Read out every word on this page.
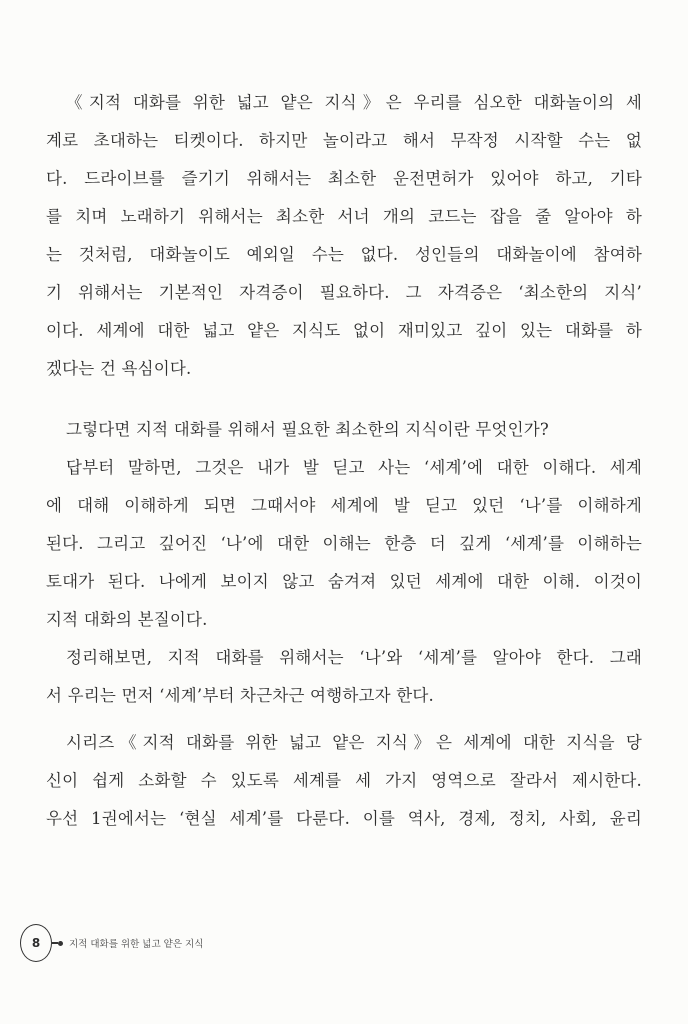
《지적 대화를 위한 넓고 얕은 지식》은 우리를 심오한 대화놀이의 세
계로 초대하는 티켓이다. 하지만 놀이라고 해서 무작정 시작할 수는 없
다. 드라이브를 즐기기 위해서는 최소한 운전면허가 있어야 하고, 기타
를 치며 노래하기 위해서는 최소한 서너 개의 코드는 잡을 줄 알아야 하
는 것처럼, 대화놀이도 예외일 수는 없다. 성인들의 대화놀이에 참여하
기 위해서는 기본적인 자격증이 필요하다. 그 자격증은 ‘최소한의 지식’
이다. 세계에 대한 넓고 얕은 지식도 없이 재미있고 깊이 있는 대화를 하
겠다는 건 욕심이다.
그렇다면 지적 대화를 위해서 필요한 최소한의 지식이란 무엇인가?
답부터 말하면, 그것은 내가 발 딛고 사는 ‘세계’에 대한 이해다. 세계
에 대해 이해하게 되면 그때서야 세계에 발 딛고 있던 ‘나’를 이해하게
된다. 그리고 깊어진 ‘나’에 대한 이해는 한층 더 깊게 ‘세계’를 이해하는
토대가 된다. 나에게 보이지 않고 숨겨져 있던 세계에 대한 이해. 이것이
지적 대화의 본질이다.
정리해보면, 지적 대화를 위해서는 ‘나’와 ‘세계’를 알아야 한다. 그래
서 우리는 먼저 ‘세계’부터 차근차근 여행하고자 한다.
시리즈《지적 대화를 위한 넓고 얕은 지식》은 세계에 대한 지식을 당
신이 쉽게 소화할 수 있도록 세계를 세 가지 영역으로 잘라서 제시한다.
우선 1권에서는 ‘현실 세계’를 다룬다. 이를 역사, 경제, 정치, 사회, 윤리
8	지적 대화를 위한 넓고 얕은 지식
